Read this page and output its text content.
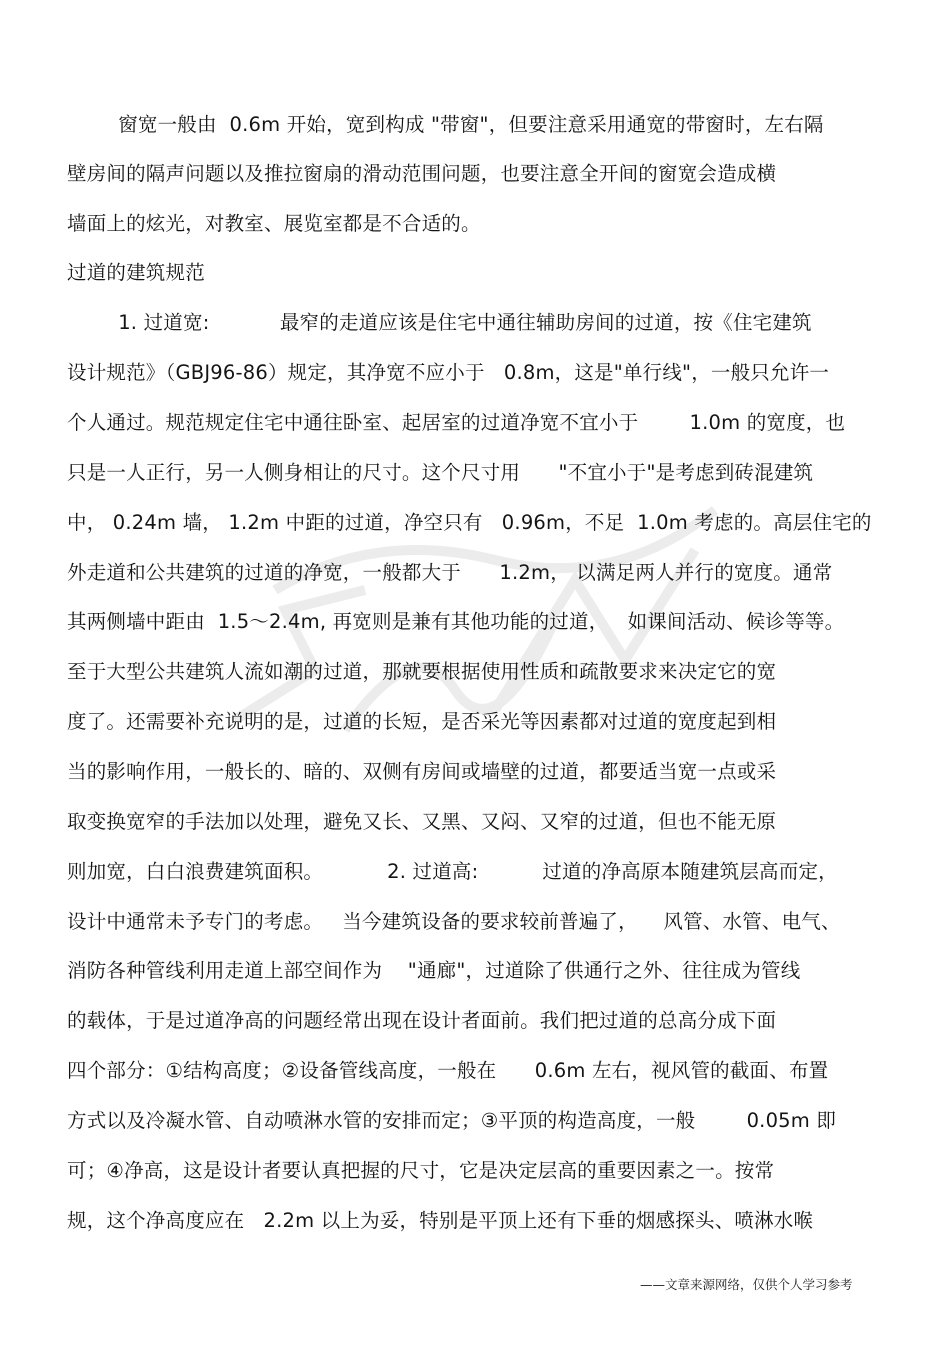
窗宽一般由  0.6m 开始，宽到构成 "带窗"，但要注意采用通宽的带窗时，左右隔
壁房间的隔声问题以及推拉窗扇的滑动范围问题，也要注意全开间的窗宽会造成横
墙面上的炫光，对教室、展览室都是不合适的。
过道的建筑规范
1. 过道宽:           最窄的走道应该是住宅中通往辅助房间的过道，按《住宅建筑
设计规范》（GBJ96-86）规定，其净宽不应小于   0.8m，这是"单行线"，一般只允许一
个人通过。规范规定住宅中通往卧室、起居室的过道净宽不宜小于        1.0m 的宽度，也
只是一人正行，另一人侧身相让的尺寸。这个尺寸用      "不宜小于"是考虑到砖混建筑
中， 0.24m 墙， 1.2m 中距的过道，净空只有   0.96m，不足  1.0m 考虑的。高层住宅的
外走道和公共建筑的过道的净宽，一般都大于      1.2m， 以满足两人并行的宽度。通常
其两侧墙中距由  1.5～2.4m, 再宽则是兼有其他功能的过道，   如课间活动、候诊等等。
至于大型公共建筑人流如潮的过道，那就要根据使用性质和疏散要求来决定它的宽
度了。还需要补充说明的是，过道的长短，是否采光等因素都对过道的宽度起到相
当的影响作用，一般长的、暗的、双侧有房间或墙壁的过道，都要适当宽一点或采
取变换宽窄的手法加以处理，避免又长、又黑、又闷、又窄的过道，但也不能无原
则加宽，白白浪费建筑面积。          2. 过道高:          过道的净高原本随建筑层高而定，
设计中通常未予专门的考虑。   当今建筑设备的要求较前普遍了，    风管、水管、电气、
消防各种管线利用走道上部空间作为    "通廊"，过道除了供通行之外、往往成为管线
的载体，于是过道净高的问题经常出现在设计者面前。我们把过道的总高分成下面
四个部分：①结构高度；②设备管线高度，一般在      0.6m 左右，视风管的截面、布置
方式以及冷凝水管、自动喷淋水管的安排而定；③平顶的构造高度，一般        0.05m 即
可；④净高，这是设计者要认真把握的尺寸，它是决定层高的重要因素之一。按常
规，这个净高度应在   2.2m 以上为妥，特别是平顶上还有下垂的烟感探头、喷淋水喉
——文章来源网络，仅供个人学习参考
